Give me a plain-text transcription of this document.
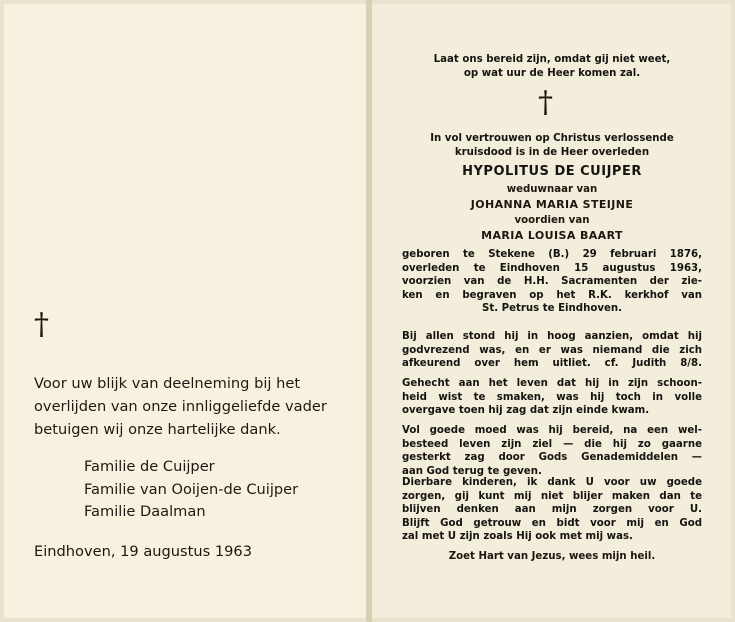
†
Voor uw blijk van deelneming bij het
overlijden van onze innliggeliefde vader
betuigen wij onze hartelijke dank.
Familie de Cuijper
Familie van Ooijen-de Cuijper
Familie Daalman
Eindhoven, 19 augustus 1963
Laat ons bereid zijn, omdat gij niet weet,
op wat uur de Heer komen zal.
†
In vol vertrouwen op Christus verlossende
kruisdood is in de Heer overleden
HYPOLITUS DE CUIJPER
weduwnaar van
JOHANNA MARIA STEIJNE
voordien van
MARIA LOUISA BAART
geboren te Stekene (B.) 29 februari 1876,
overleden te Eindhoven 15 augustus 1963,
voorzien van de H.H. Sacramenten der zie-
ken en begraven op het R.K. kerkhof van
St. Petrus te Eindhoven.
Bij allen stond hij in hoog aanzien, omdat hij
godvrezend was, en er was niemand die zich
afkeurend over hem uitliet. cf. Judith 8/8.
Gehecht aan het leven dat hij in zijn schoon-
heid wist te smaken, was hij toch in volle
overgave toen hij zag dat zijn einde kwam.
Vol goede moed was hij bereid, na een wel-
besteed leven zijn ziel — die hij zo gaarne
gesterkt zag door Gods Genademiddelen —
aan God terug te geven.
Dierbare kinderen, ik dank U voor uw goede
zorgen, gij kunt mij niet blijer maken dan te
blijven denken aan mijn zorgen voor U.
Blijft God getrouw en bidt voor mij en God
zal met U zijn zoals Hij ook met mij was.
Zoet Hart van Jezus, wees mijn heil.
